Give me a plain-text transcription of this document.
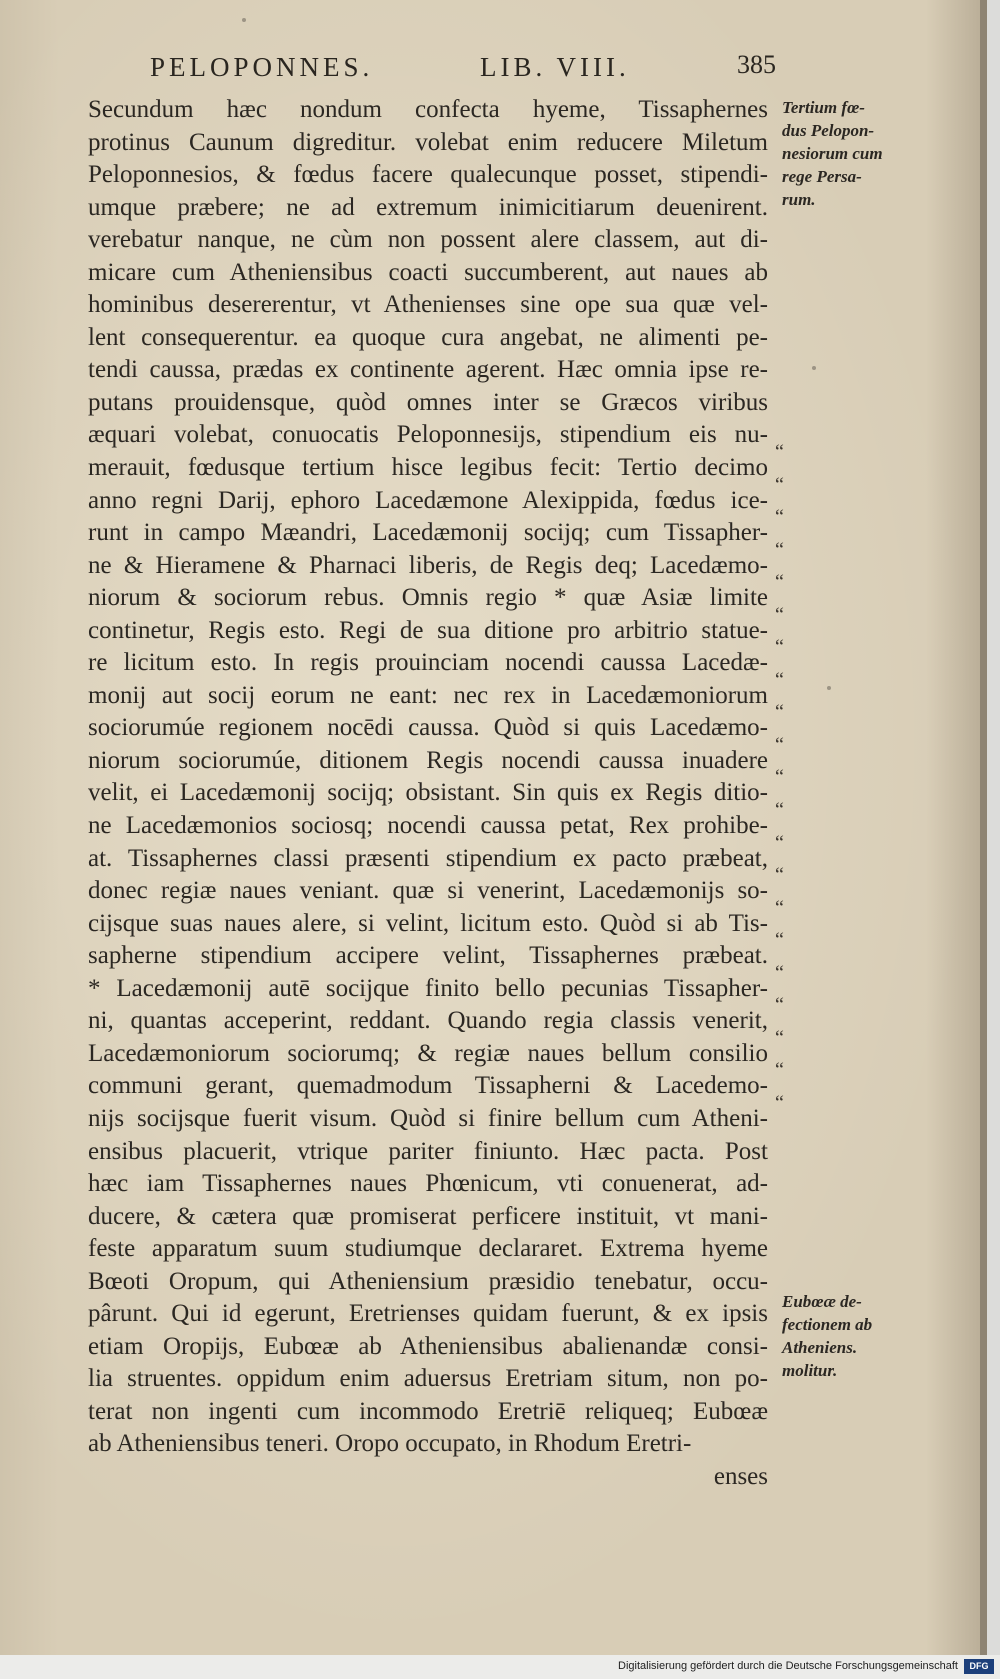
PELOPONNES.	LIB. VIII.	385
Secundum hæc nondum confecta hyeme, Tissaphernes
protinus Caunum digreditur. volebat enim reducere Miletum
Peloponnesios, & fœdus facere qualecunque posset, stipendi-
umque præbere; ne ad extremum inimicitiarum deuenirent.
verebatur nanque, ne cùm non possent alere classem, aut di-
micare cum Atheniensibus coacti succumberent, aut naues ab
hominibus desererentur, vt Athenienses sine ope sua quæ vel-
lent consequerentur. ea quoque cura angebat, ne alimenti pe-
tendi caussa, prædas ex continente agerent. Hæc omnia ipse re-
putans prouidensque, quòd omnes inter se Græcos viribus
æquari volebat, conuocatis Peloponnesijs, stipendium eis nu-
merauit, fœdusque tertium hisce legibus fecit: Tertio decimo
anno regni Darij, ephoro Lacedæmone Alexippida, fœdus ice-
runt in campo Mæandri, Lacedæmonij socijq; cum Tissapher-
ne & Hieramene & Pharnaci liberis, de Regis deq; Lacedæmo-
niorum & sociorum rebus. Omnis regio * quæ Asiæ limite
continetur, Regis esto. Regi de sua ditione pro arbitrio statue-
re licitum esto. In regis prouinciam nocendi caussa Lacedæ-
monij aut socij eorum ne eant: nec rex in Lacedæmoniorum
sociorumúe regionem nocēdi caussa. Quòd si quis Lacedæmo-
niorum sociorumúe, ditionem Regis nocendi caussa inuadere
velit, ei Lacedæmonij socijq; obsistant. Sin quis ex Regis ditio-
ne Lacedæmonios sociosq; nocendi caussa petat, Rex prohibe-
at. Tissaphernes classi præsenti stipendium ex pacto præbeat,
donec regiæ naues veniant. quæ si venerint, Lacedæmonijs so-
cijsque suas naues alere, si velint, licitum esto. Quòd si ab Tis-
sapherne stipendium accipere velint, Tissaphernes præbeat.
* Lacedæmonij autē socijque finito bello pecunias Tissapher-
ni, quantas acceperint, reddant. Quando regia classis venerit,
Lacedæmoniorum sociorumq; & regiæ naues bellum consilio
communi gerant, quemadmodum Tissapherni & Lacedemo-
nijs socijsque fuerit visum. Quòd si finire bellum cum Atheni-
ensibus placuerit, vtrique pariter finiunto. Hæc pacta. Post
hæc iam Tissaphernes naues Phœnicum, vti conuenerat, ad-
ducere, & cætera quæ promiserat perficere instituit, vt mani-
feste apparatum suum studiumque declararet. Extrema hyeme
Bœoti Oropum, qui Atheniensium præsidio tenebatur, occu-
pârunt. Qui id egerunt, Eretrienses quidam fuerunt, & ex ipsis
etiam Oropijs, Eubœæ ab Atheniensibus abalienandæ consi-
lia struentes. oppidum enim aduersus Eretriam situm, non po-
terat non ingenti cum incommodo Eretriē reliqueq; Eubœæ
ab Atheniensibus teneri. Oropo occupato, in Rhodum Eretri-
enses
“
“
“
“
“
“
“
“
“
“
“
“
“
“
“
“
“
“
“
“
“
Tertium fœ-
dus Pelopon-
nesiorum cum
rege Persa-
rum.
Eubœæ de-
fectionem ab
Atheniens.
molitur.
Digitalisierung gefördert durch die Deutsche Forschungsgemeinschaft	DFG
